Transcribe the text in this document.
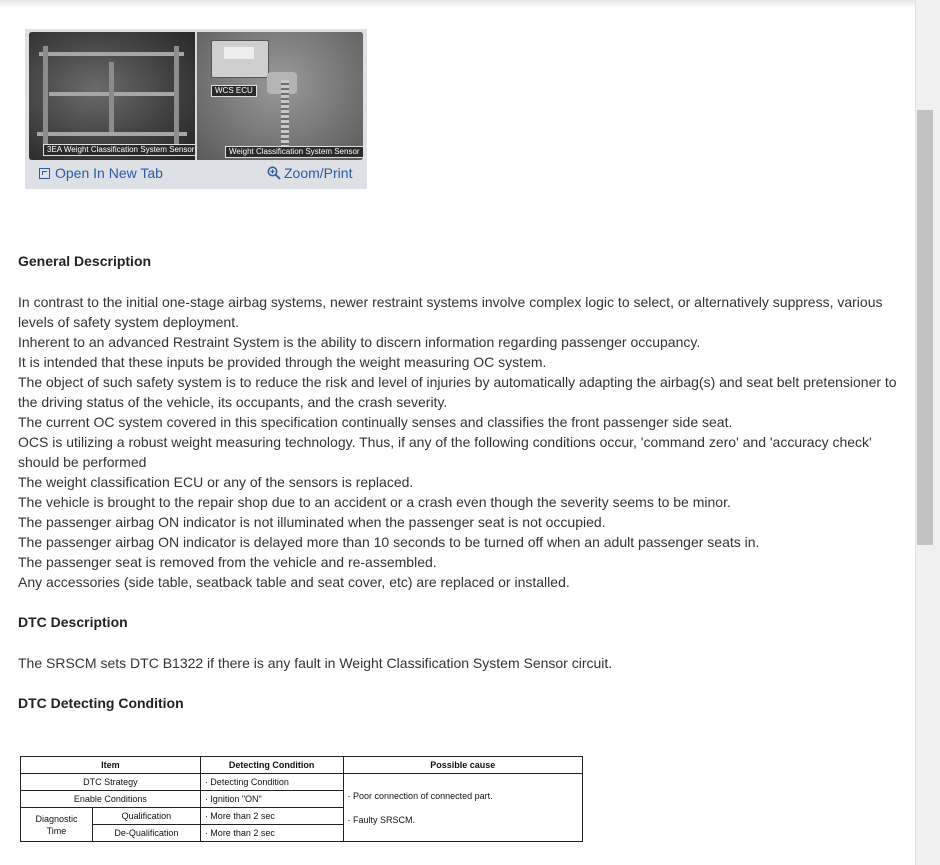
3EA Weight Classification System Sensor
WCS ECU
Weight Classification System Sensor
Open In New Tab	Zoom/Print
General Description
In contrast to the initial one-stage airbag systems, newer restraint systems involve complex logic to select, or alternatively suppress, various levels of safety system deployment.
Inherent to an advanced Restraint System is the ability to discern information regarding passenger occupancy.
It is intended that these inputs be provided through the weight measuring OC system.
The object of such safety system is to reduce the risk and level of injuries by automatically adapting the airbag(s) and seat belt pretensioner to the driving status of the vehicle, its occupants, and the crash severity.
The current OC system covered in this specification continually senses and classifies the front passenger side seat.
OCS is utilizing a robust weight measuring technology. Thus, if any of the following conditions occur, 'command zero' and 'accuracy check' should be performed
The weight classification ECU or any of the sensors is replaced.
The vehicle is brought to the repair shop due to an accident or a crash even though the severity seems to be minor.
The passenger airbag ON indicator is not illuminated when the passenger seat is not occupied.
The passenger airbag ON indicator is delayed more than 10 seconds to be turned off when an adult passenger seats in.
The passenger seat is removed from the vehicle and re-assembled.
Any accessories (side table, seatback table and seat cover, etc) are replaced or installed.
DTC Description
The SRSCM sets DTC B1322 if there is any fault in Weight Classification System Sensor circuit.
DTC Detecting Condition
Item		Detecting Condition	Possible cause
DTC Strategy		· Detecting Condition	· Poor connection of connected part.
· Faulty SRSCM.

Enable Conditions		· Ignition "ON"	
Diagnostic Time	Qualification	· More than 2 sec	
	De-Qualification	· More than 2 sec	
